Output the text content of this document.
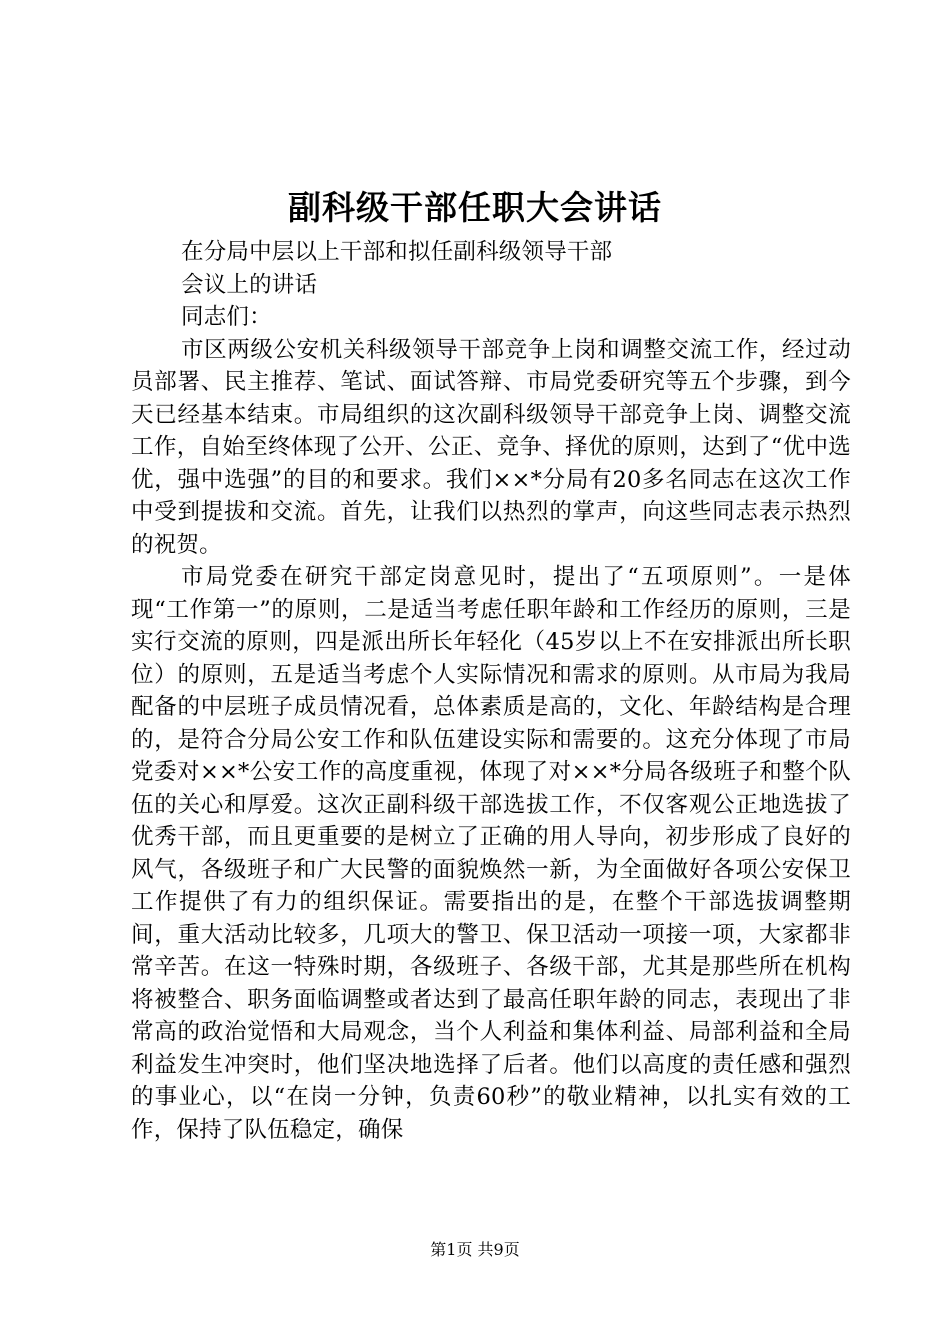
副科级干部任职大会讲话

在分局中层以上干部和拟任副科级领导干部

会议上的讲话

同志们：

市区两级公安机关科级领导干部竞争上岗和调整交流工作，经过动员部署、民主推荐、笔试、面试答辩、市局党委研究等五个步骤，到今天已经基本结束。市局组织的这次副科级领导干部竞争上岗、调整交流工作，自始至终体现了公开、公正、竞争、择优的原则，达到了“优中选优，强中选强”的目的和要求。我们××*分局有20多名同志在这次工作中受到提拔和交流。首先，让我们以热烈的掌声，向这些同志表示热烈的祝贺。

市局党委在研究干部定岗意见时，提出了“五项原则”。一是体现“工作第一”的原则，二是适当考虑任职年龄和工作经历的原则，三是实行交流的原则，四是派出所长年轻化（45岁以上不在安排派出所长职位）的原则，五是适当考虑个人实际情况和需求的原则。从市局为我局配备的中层班子成员情况看，总体素质是高的，文化、年龄结构是合理的，是符合分局公安工作和队伍建设实际和需要的。这充分体现了市局党委对××*公安工作的高度重视，体现了对××*分局各级班子和整个队伍的关心和厚爱。这次正副科级干部选拔工作，不仅客观公正地选拔了优秀干部，而且更重要的是树立了正确的用人导向，初步形成了良好的风气，各级班子和广大民警的面貌焕然一新，为全面做好各项公安保卫工作提供了有力的组织保证。需要指出的是，在整个干部选拔调整期间，重大活动比较多，几项大的警卫、保卫活动一项接一项，大家都非常辛苦。在这一特殊时期，各级班子、各级干部，尤其是那些所在机构将被整合、职务面临调整或者达到了最高任职年龄的同志，表现出了非常高的政治觉悟和大局观念，当个人利益和集体利益、局部利益和全局利益发生冲突时，他们坚决地选择了后者。他们以高度的责任感和强烈的事业心，以“在岗一分钟，负责60秒”的敬业精神，以扎实有效的工作，保持了队伍稳定，确保

第1页 共9页
